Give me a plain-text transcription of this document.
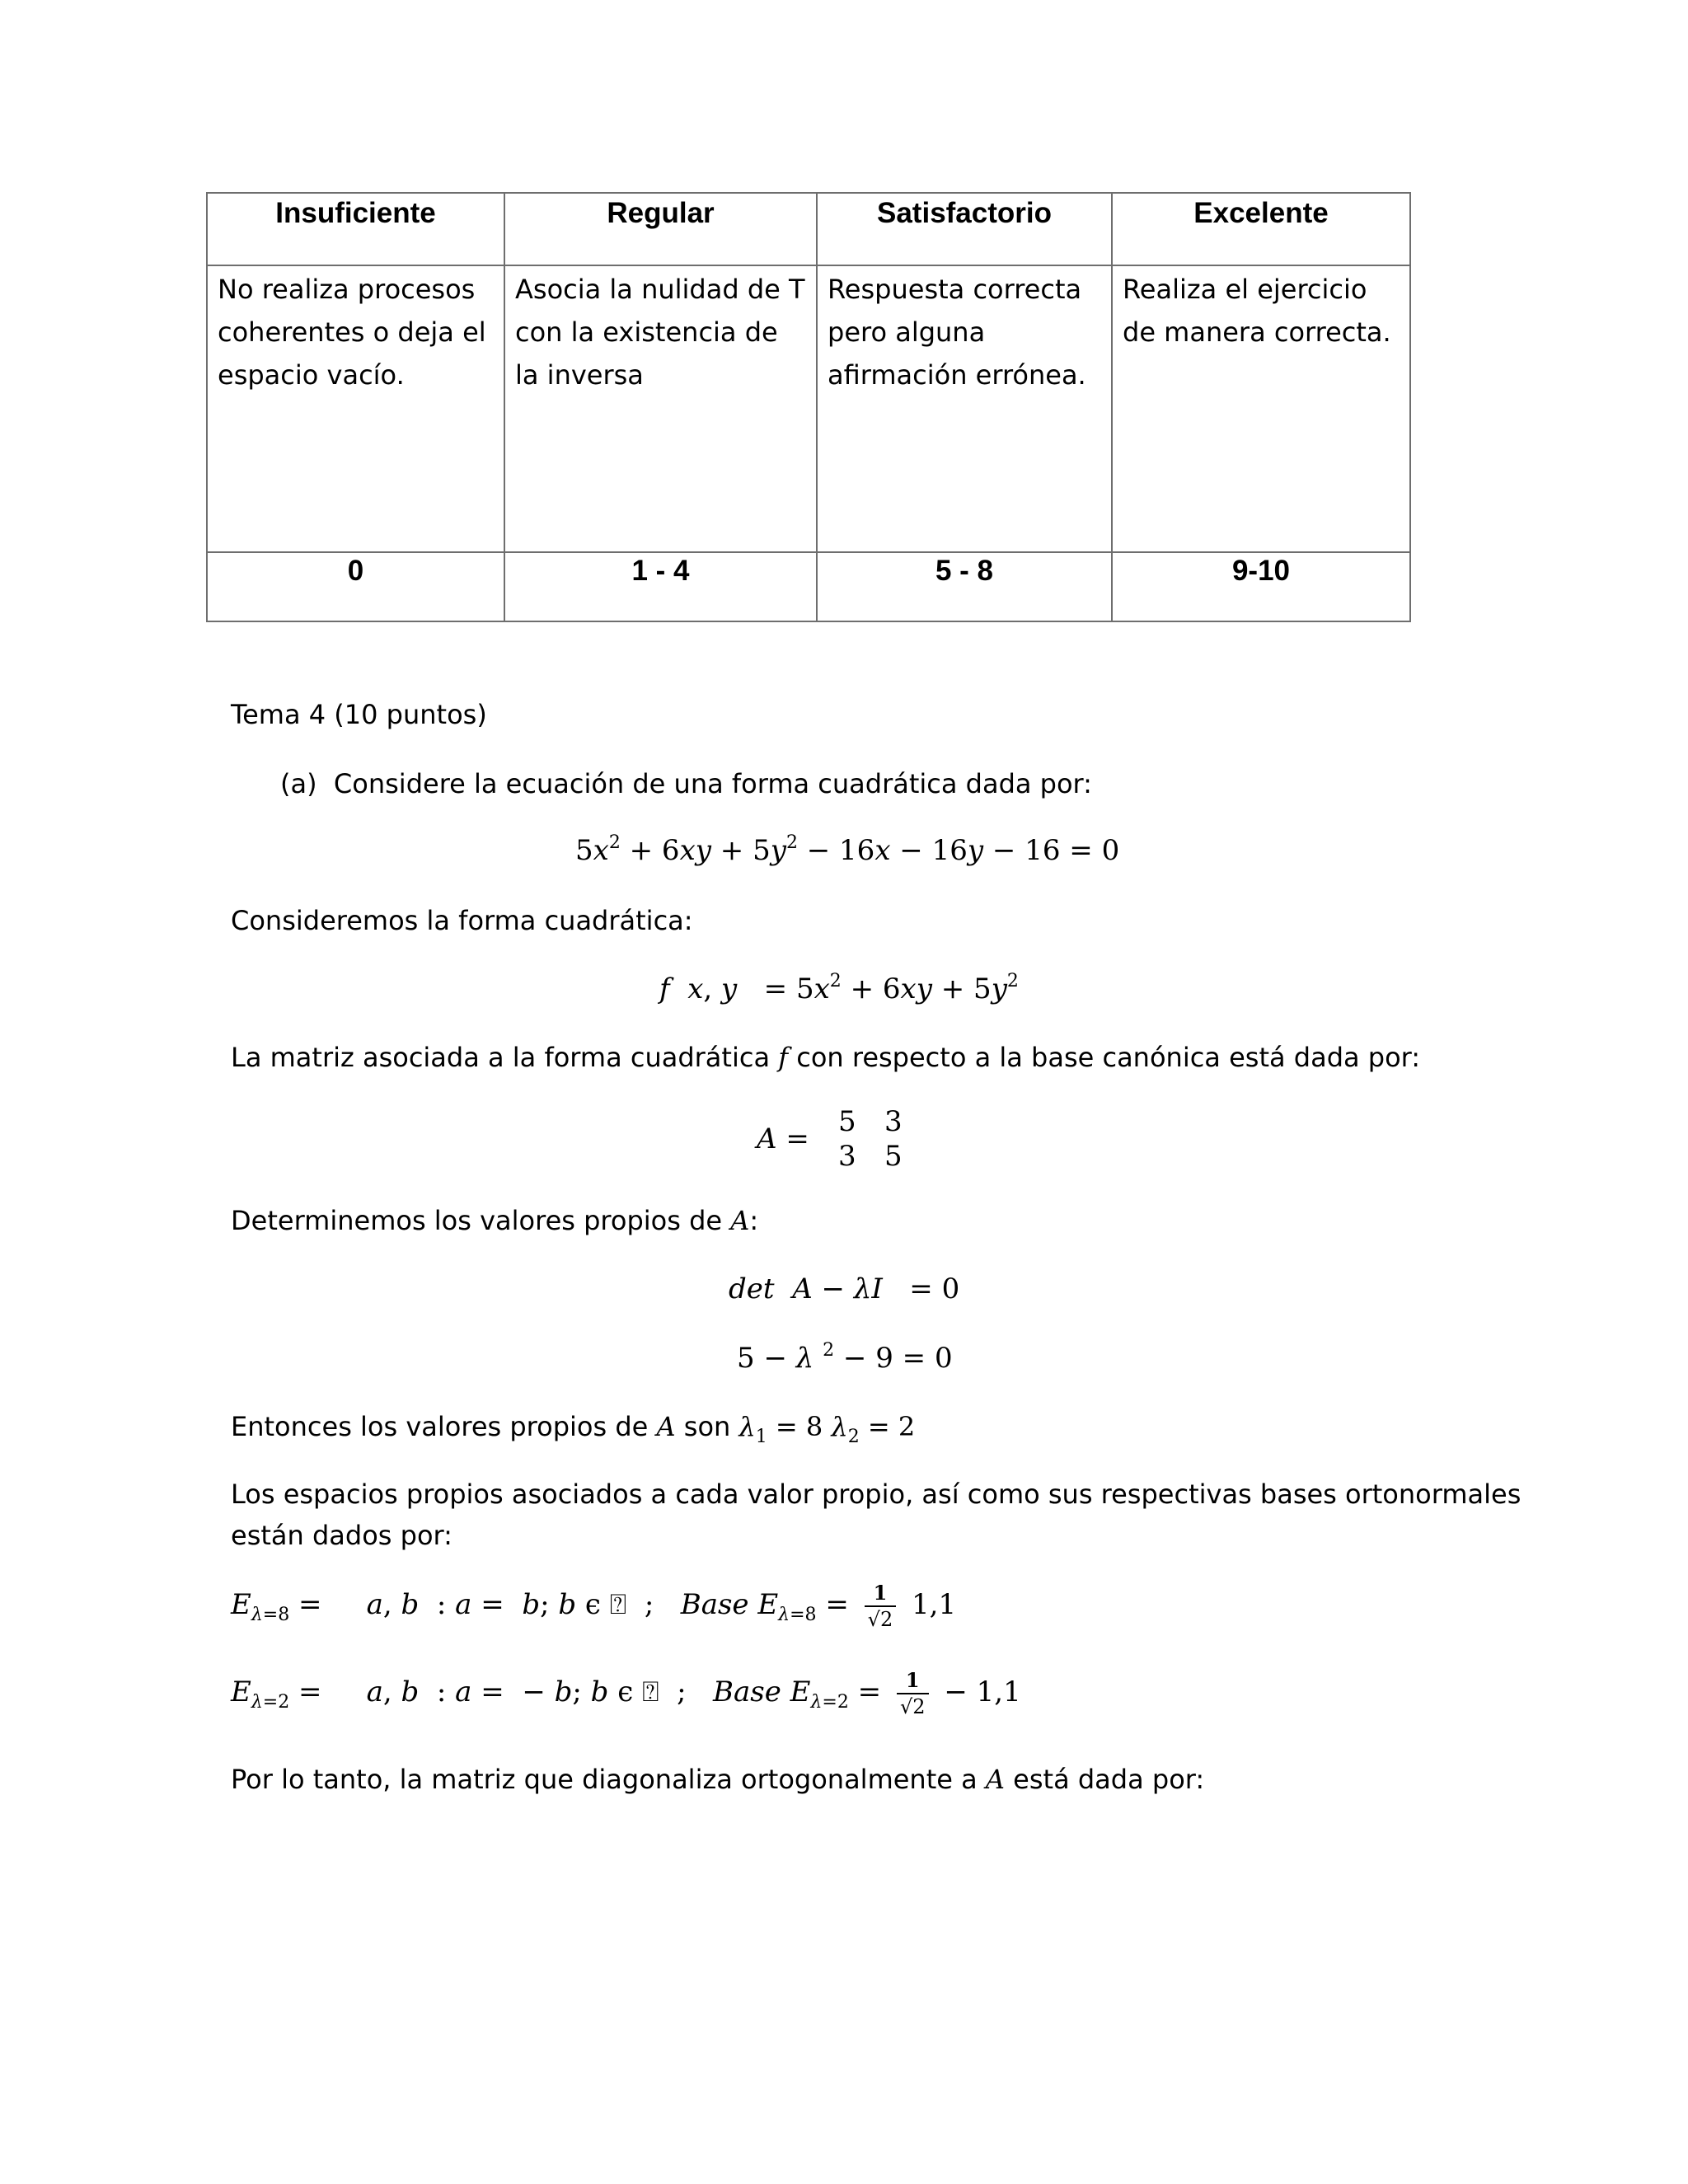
Insuficiente	Regular	Satisfactorio	Excelente
No realiza procesos coherentes o deja el espacio vacío.	Asocia la nulidad de T con la existencia de la inversa	Respuesta correcta pero alguna afirmación errónea.	Realiza el ejercicio de manera correcta.
0	1 - 4	5 - 8	9-10
Tema 4 (10 puntos)
(a) Considere la ecuación de una forma cuadrática dada por:
$5x^2 + 6xy + 5y^2 - 16x - 16y - 16 = 0$
Consideremos la forma cuadrática:
f x, $y = 5x^2 + 6xy + 5y^2$
La matriz asociada a la forma cuadrática f con respecto a la base canónica está dada por:
A =5 3
3 5
Determinemos los valores propios de A:
det A − λI   = 0
5 − λ $^2$ − 9 = 0
Entonces los valores propios de A son $\lambda_1 = 8$ $\lambda_2 = 2$
Los espacios propios asociados a cada valor propio, así como sus respectivas bases ortonormales
están dados por:
$E_{\lambda=8}$ =     a, b  : a =  b; b ϵ ⍰  ;   Base $E_{\lambda=8} = \frac{1}{√2} 1,1$
$E_{\lambda=2}$ =     a, b  : a =  − b; b ϵ ⍰  ;   Base $E_{\lambda=2} = \frac{1}{√2} - 1,1$
Por lo tanto, la matriz que diagonaliza ortogonalmente a A está dada por:
